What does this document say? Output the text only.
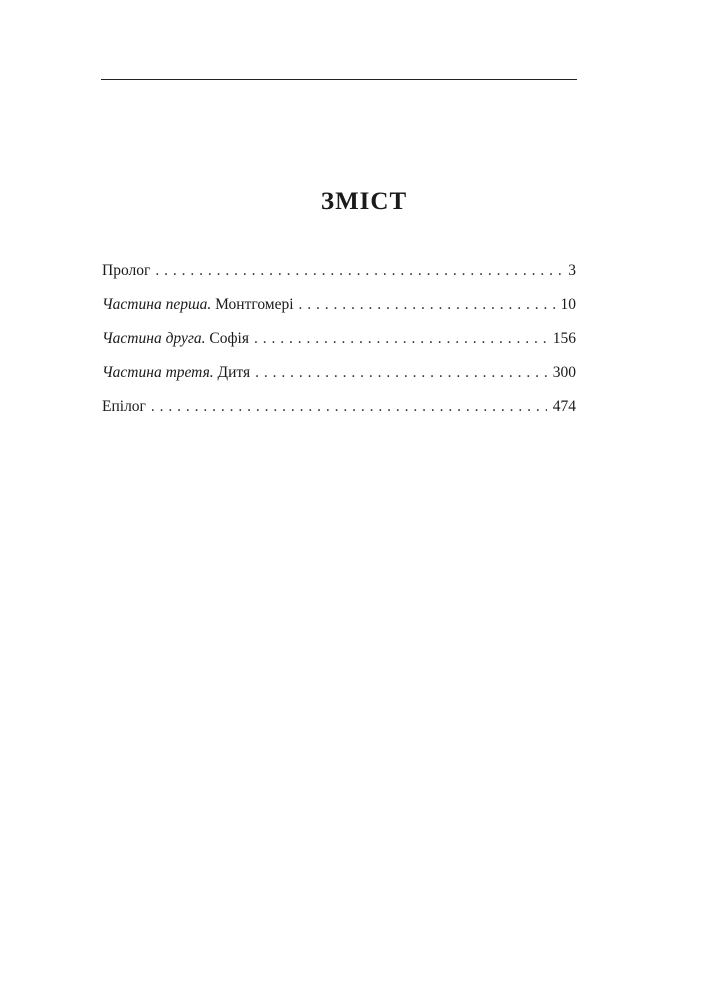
ЗМІСТ
Пролог . . .	3
Частина перша. Монтгомері . . .	10
Частина друга. Софія . . .	156
Частина третя. Дитя . . .	300
Епілог . . .	474
